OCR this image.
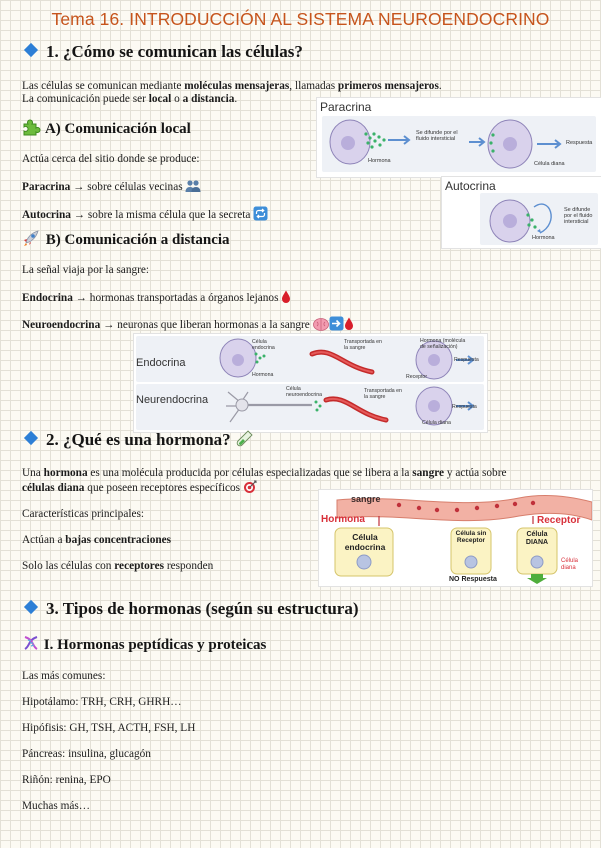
Tema 16. INTRODUCCIÓN AL SISTEMA NEUROENDOCRINO
1. ¿Cómo se comunican las células?
Las células se comunican mediante moléculas mensajeras, llamadas primeros mensajeros.
La comunicación puede ser local o a distancia.
A) Comunicación local
Actúa cerca del sitio donde se produce:
Paracrina → sobre células vecinas
Autocrina → sobre la misma célula que la secreta
B) Comunicación a distancia
La señal viaja por la sangre:
Endocrina → hormonas transportadas a órganos lejanos
Neuroendocrina → neuronas que liberan hormonas a la sangre
Paracrina
Se difunde por el fluido intersticial
Respuesta
Hormona	Célula diana
Autocrina
Se difunde por el fluido intersticial
Hormona
Endocrina
Célula endocrina
Hormona
Transportada en la sangre
Hormona (molécula de señalización)
Receptor
Respuesta
Neurendocrina
Célula neuroendocrina
Transportada en la sangre
Respuesta
Célula diana
2. ¿Qué es una hormona?
Una hormona es una molécula producida por células especializadas que se libera a la sangre y actúa sobre
células diana que poseen receptores específicos
Características principales:
Actúan a bajas concentraciones
Solo las células con receptores responden
sangre
Hormona	Receptor
Célula endocrina
Célula sin Receptor
Célula DIANA
NO Respuesta
Célula diana
3. Tipos de hormonas (según su estructura)
I. Hormonas peptídicas y proteicas
Las más comunes:
Hipotálamo: TRH, CRH, GHRH…
Hipófisis: GH, TSH, ACTH, FSH, LH
Páncreas: insulina, glucagón
Riñón: renina, EPO
Muchas más…
